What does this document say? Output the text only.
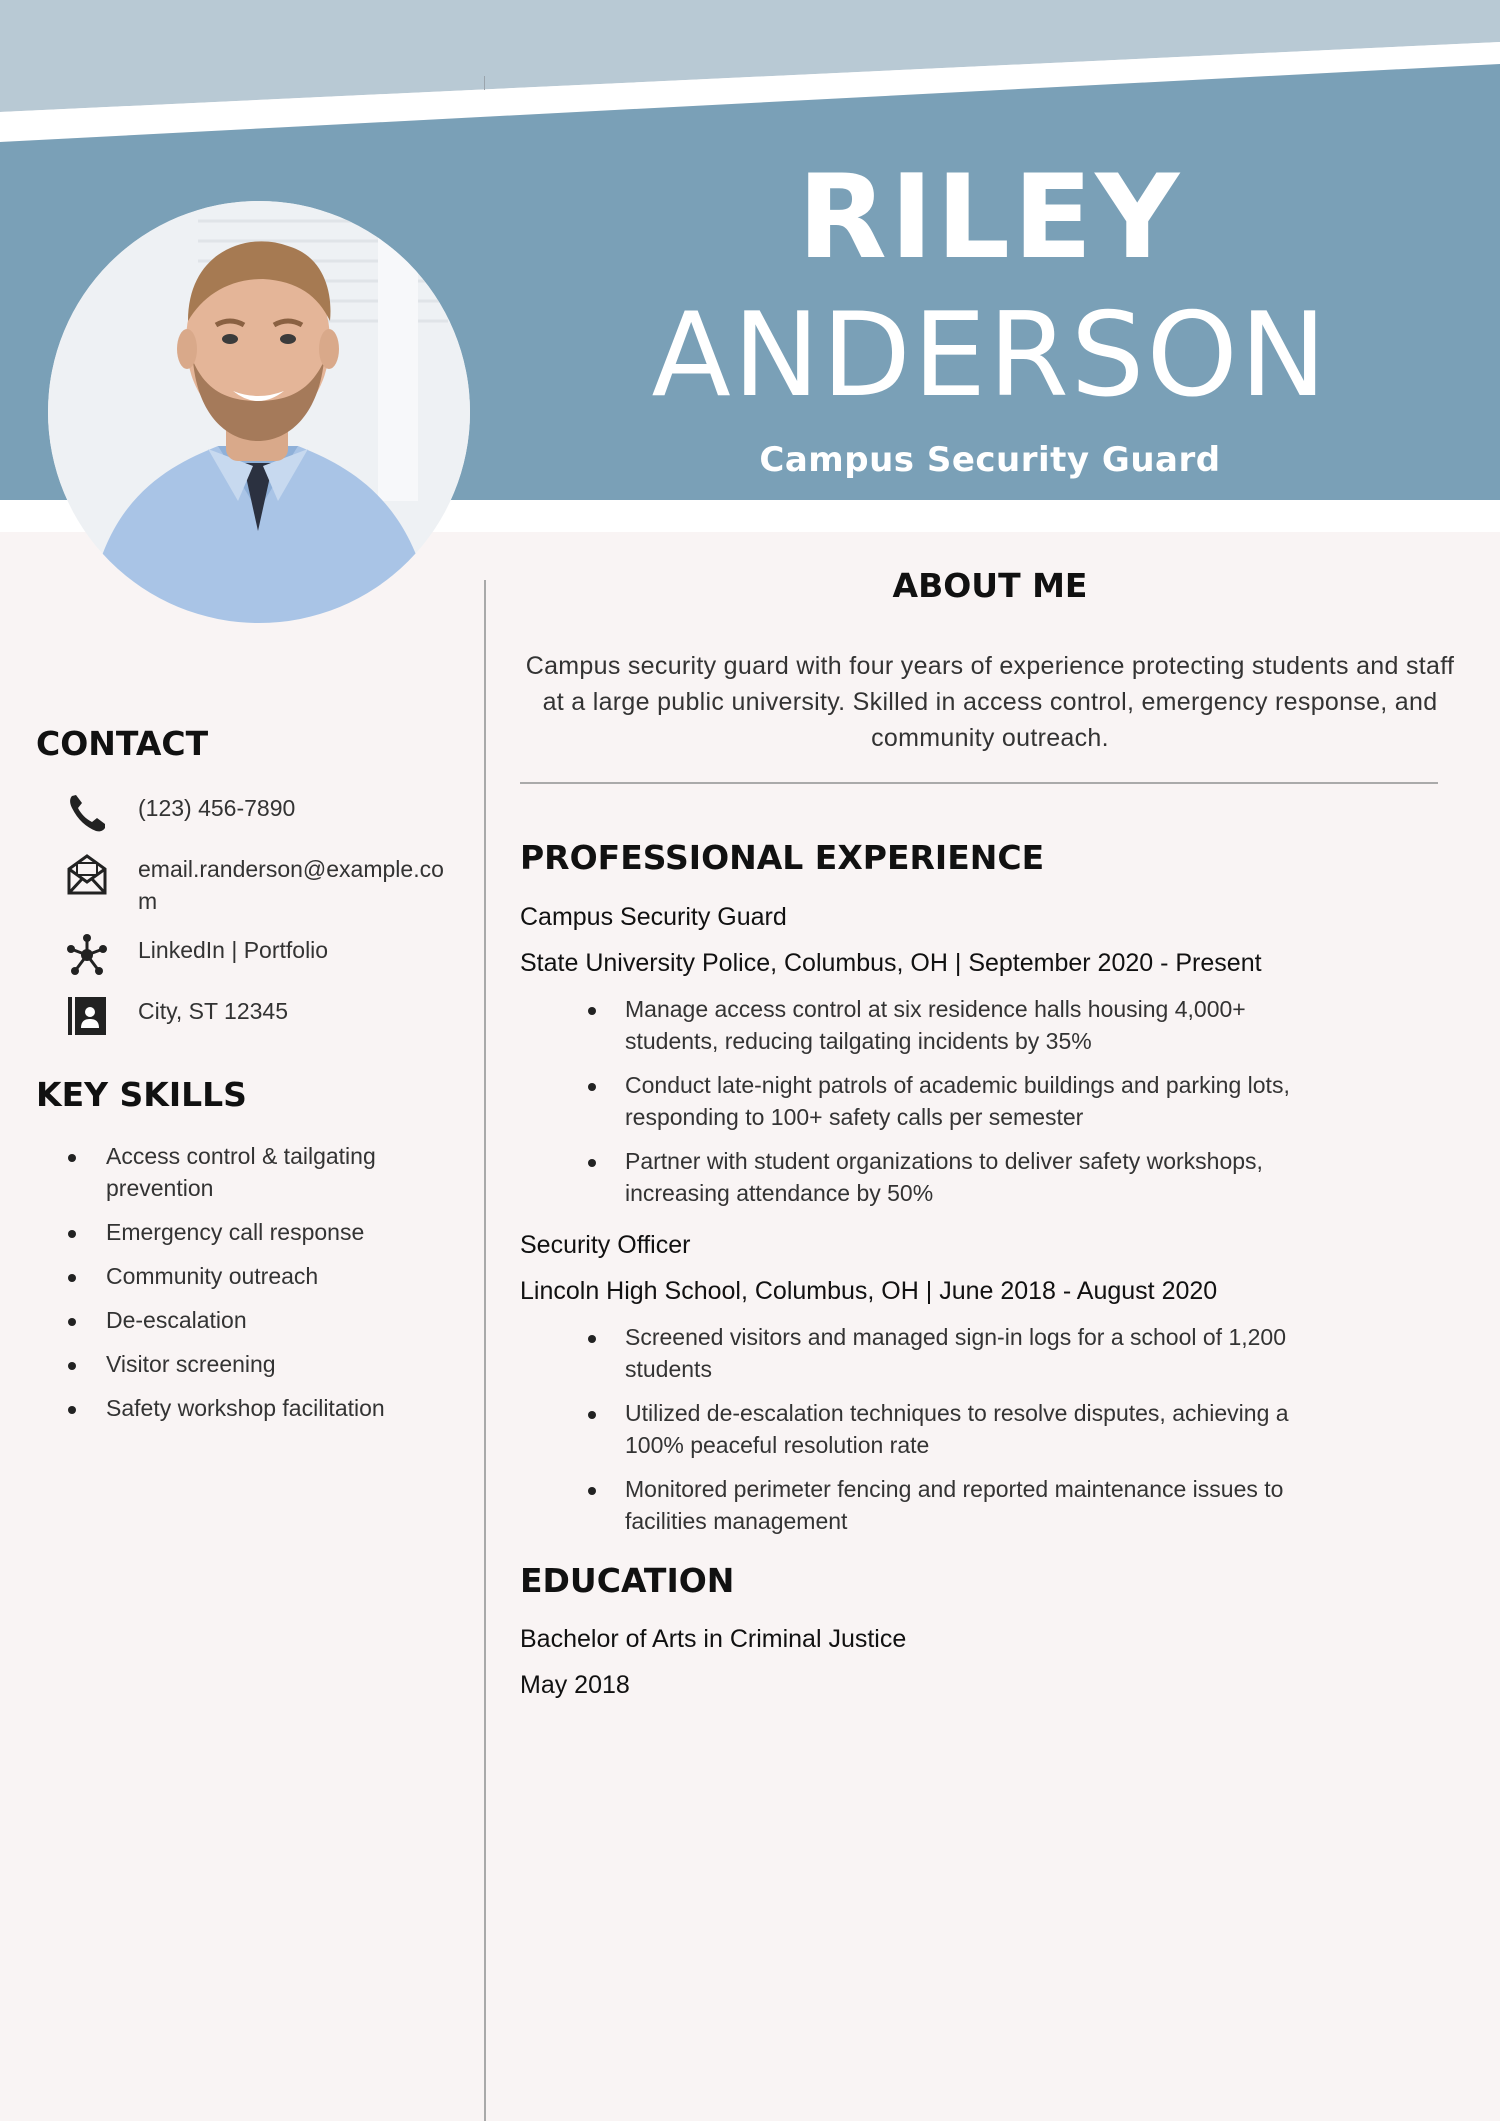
RILEY
ANDERSON
Campus Security Guard
CONTACT
(123) 456-7890
email.randerson@example.com
LinkedIn | Portfolio
City, ST 12345
KEY SKILLS
Access control & tailgating prevention
Emergency call response
Community outreach
De-escalation
Visitor screening
Safety workshop facilitation
ABOUT ME
Campus security guard with four years of experience protecting students and staff at a large public university. Skilled in access control, emergency response, and community outreach.
PROFESSIONAL EXPERIENCE
Campus Security Guard
State University Police, Columbus, OH | September 2020 - Present
Manage access control at six residence halls housing 4,000+ students, reducing tailgating incidents by 35%
Conduct late-night patrols of academic buildings and parking lots, responding to 100+ safety calls per semester
Partner with student organizations to deliver safety workshops, increasing attendance by 50%
Security Officer
Lincoln High School, Columbus, OH | June 2018 - August 2020
Screened visitors and managed sign-in logs for a school of 1,200 students
Utilized de-escalation techniques to resolve disputes, achieving a 100% peaceful resolution rate
Monitored perimeter fencing and reported maintenance issues to facilities management
EDUCATION
Bachelor of Arts in Criminal Justice
May 2018
